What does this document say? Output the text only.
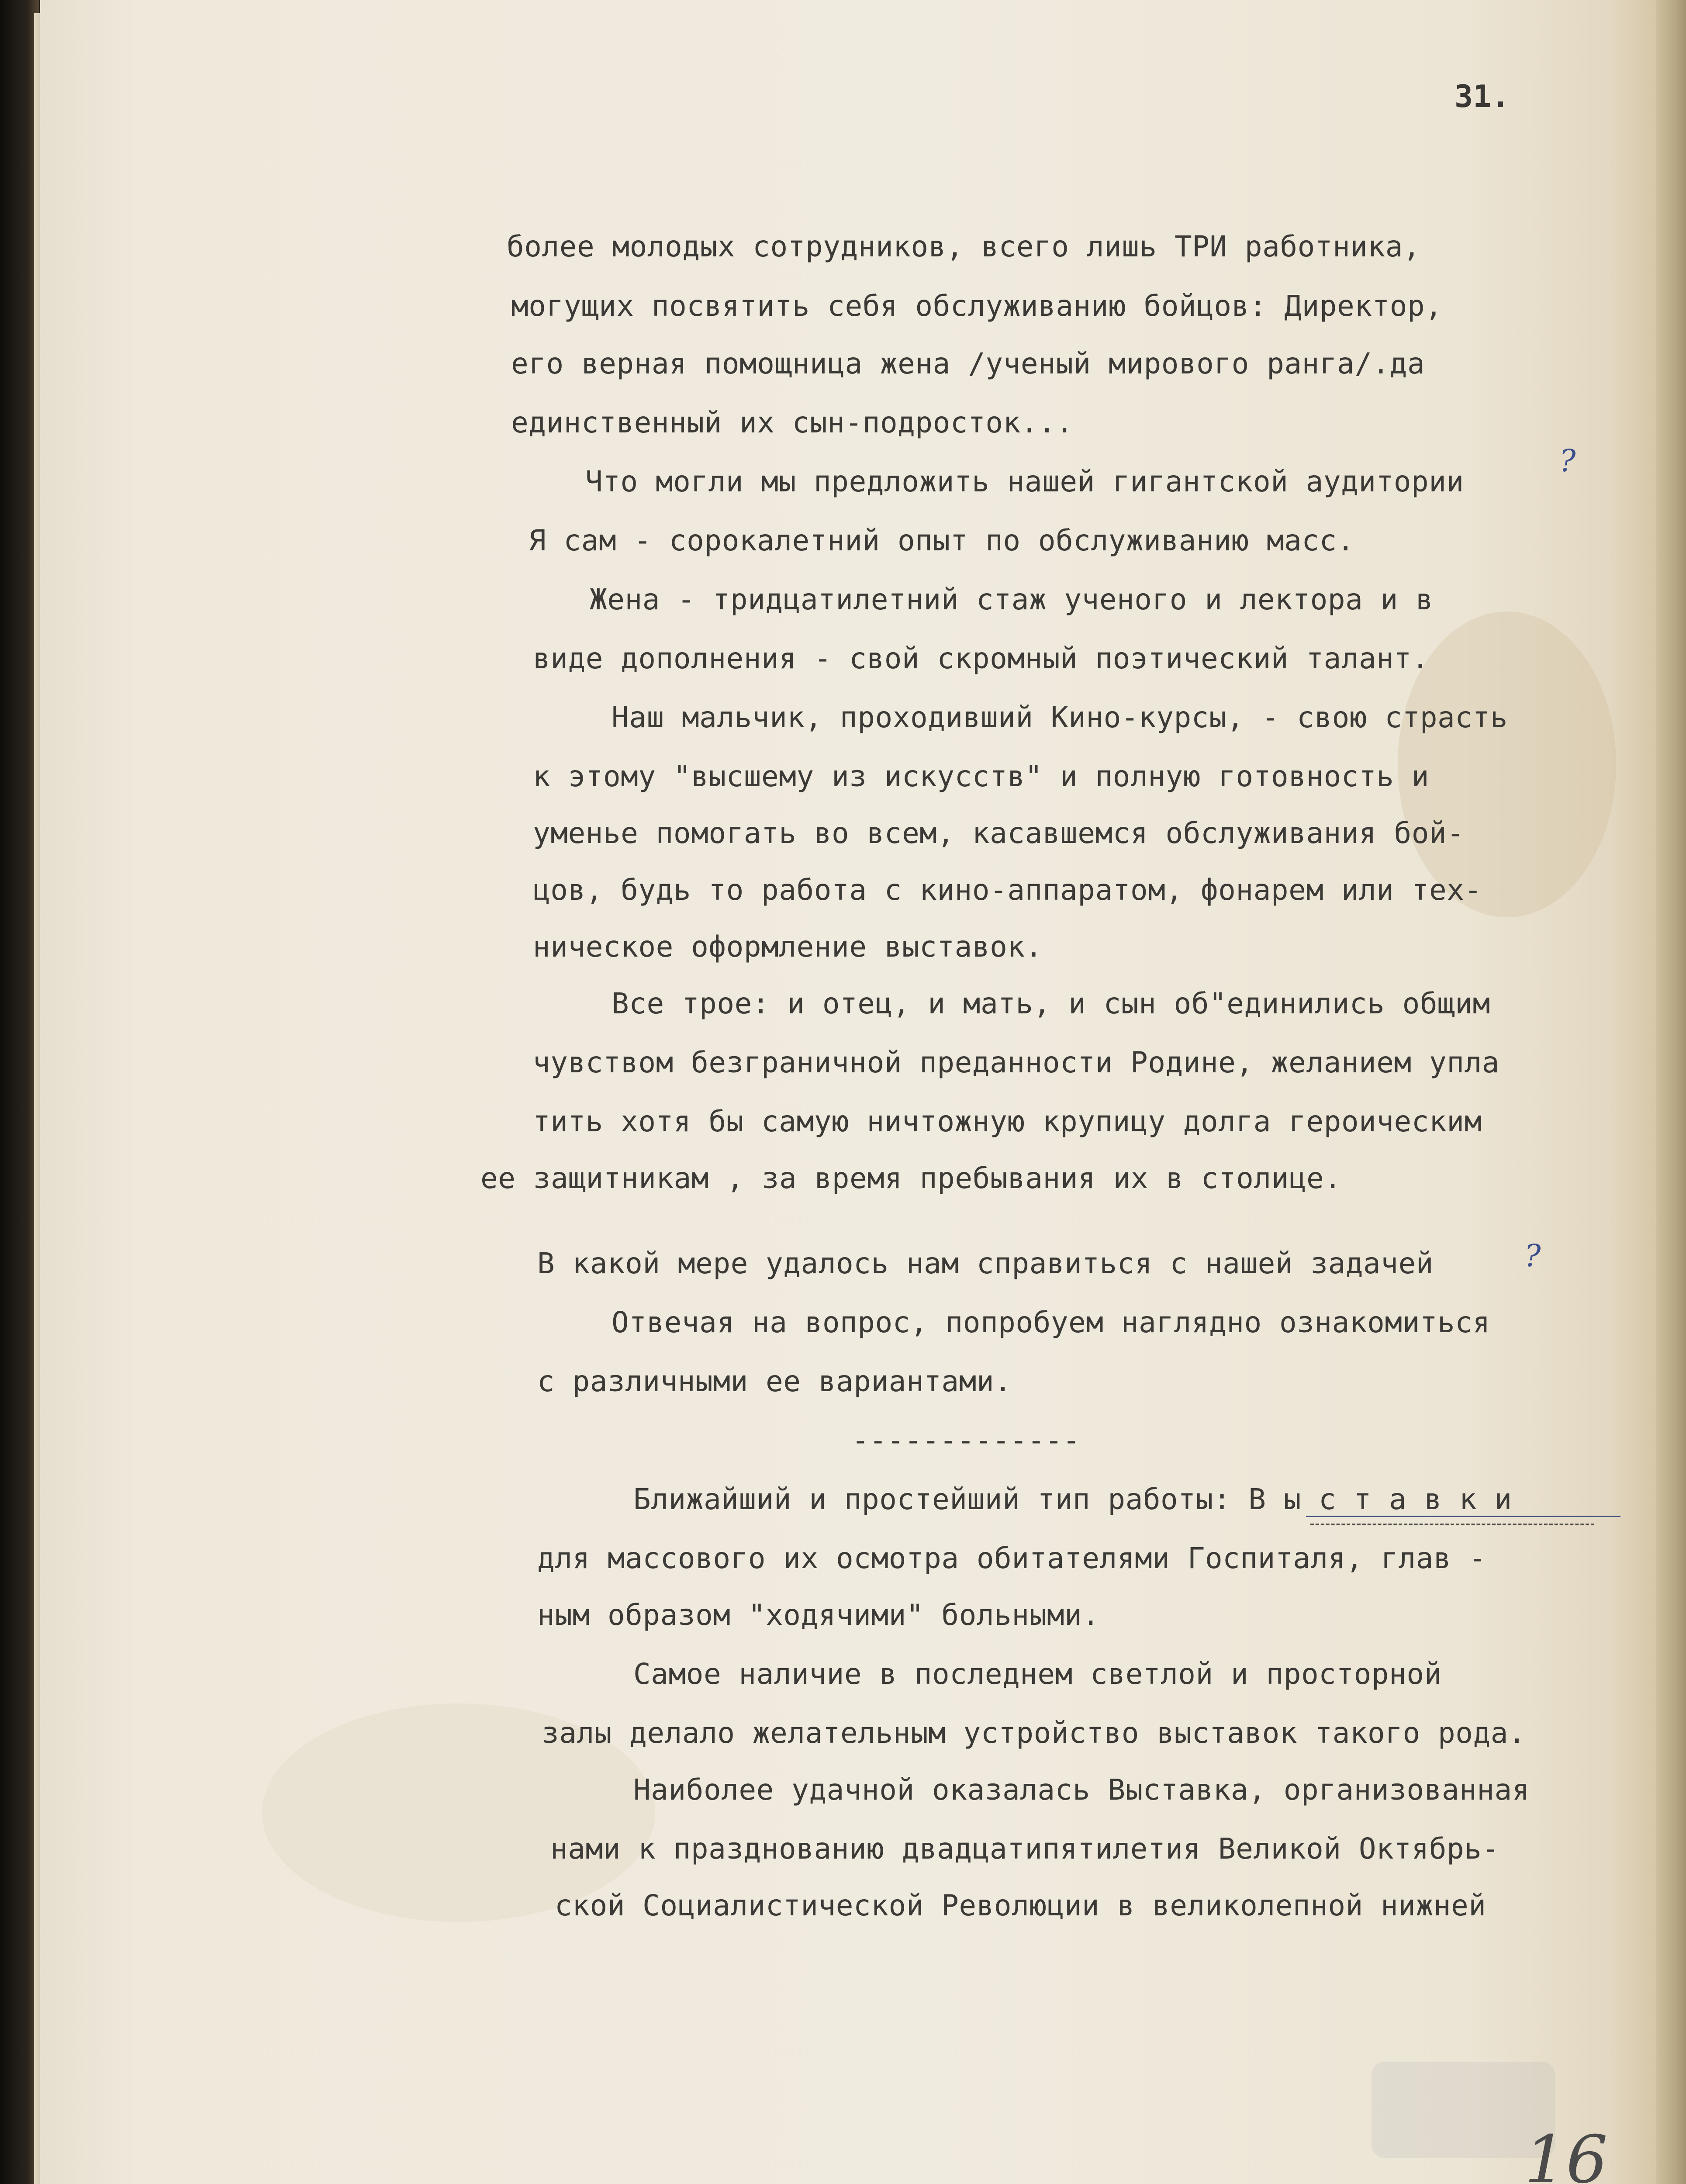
31.
более молодых сотрудников, всего лишь ТРИ работника,
могущих посвятить себя обслуживанию бойцов: Директор,
его верная помощница жена /ученый мирового ранга/.да
единственный их сын-подросток...
Что могли мы предложить нашей гигантской аудитории
?
Я сам - сорокалетний опыт по обслуживанию масс.
Жена - тридцатилетний стаж ученого и лектора и в
виде дополнения - свой скромный поэтический талант.
Наш мальчик, проходивший Кино-курсы, - свою страсть
к этому "высшему из искусств" и полную готовность и
уменье помогать во всем, касавшемся обслуживания бой-
цов, будь то работа с кино-аппаратом, фонарем или тех-
ническое оформление выставок.
Все трое: и отец, и мать, и сын об"единились общим
чувством безграничной преданности Родине, желанием упла
тить хотя бы самую ничтожную крупицу долга героическим
ее защитникам , за время пребывания их в столице.
В какой мере удалось нам справиться с нашей задачей	?
Отвечая на вопрос, попробуем наглядно ознакомиться
с различными ее вариантами.
-------------
Ближайший и простейший тип работы: В ы с т а в к и
для массового их осмотра обитателями Госпиталя, глав -
ным образом "ходячими" больными.
Самое наличие в последнем светлой и просторной
залы делало желательным устройство выставок такого рода.
Наиболее удачной оказалась Выставка, организованная
нами к празднованию двадцатипятилетия Великой Октябрь-
ской Социалистической Революции в великолепной нижней
16
